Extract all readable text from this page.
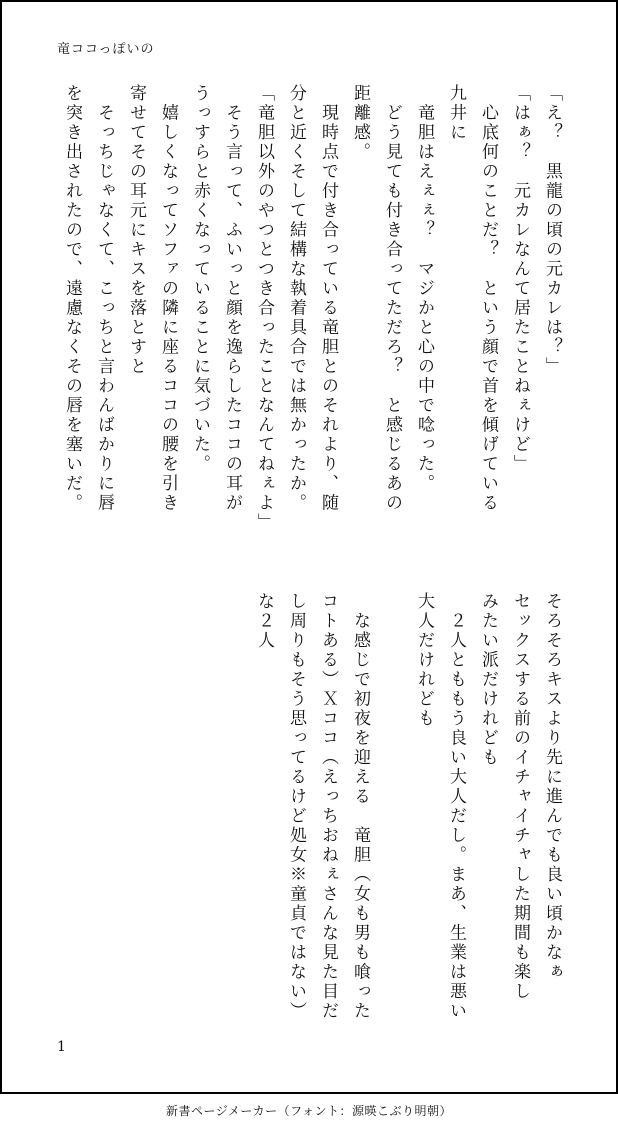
竜ココっぽいの
「え？　黒龍の頃の元カレは？」
「はぁ？　元カレなんて居たことねぇけど」
　心底何のことだ？　という顔で首を傾げている
九井に
　竜胆はえぇぇ？　マジかと心の中で唸った。
　どう見ても付き合ってただろ？　と感じるあの
距離感。
　現時点で付き合っている竜胆とのそれより、随
分と近くそして結構な執着具合では無かったか。
「竜胆以外のやつとつき合ったことなんてねぇよ」
　そう言って、ふいっと顔を逸らしたココの耳が
うっすらと赤くなっていることに気づいた。
　嬉しくなってソファの隣に座るココの腰を引き
寄せてその耳元にキスを落とすと
　そっちじゃなくて、こっちと言わんばかりに唇
を突き出されたので、遠慮なくその唇を塞いだ。
そろそろキスより先に進んでも良い頃かなぁ
セックスする前のイチャイチャした期間も楽し
みたい派だけれども
　２人とももう良い大人だし。まあ、生業は悪い
大人だけれども
　な感じで初夜を迎える　竜胆（女も男も喰った
コトある）Ｘココ（えっちおねぇさんな見た目だ
し周りもそう思ってるけど処女※童貞ではない）
な２人
1
新書ページメーカー（フォント：源暎こぶり明朝）
